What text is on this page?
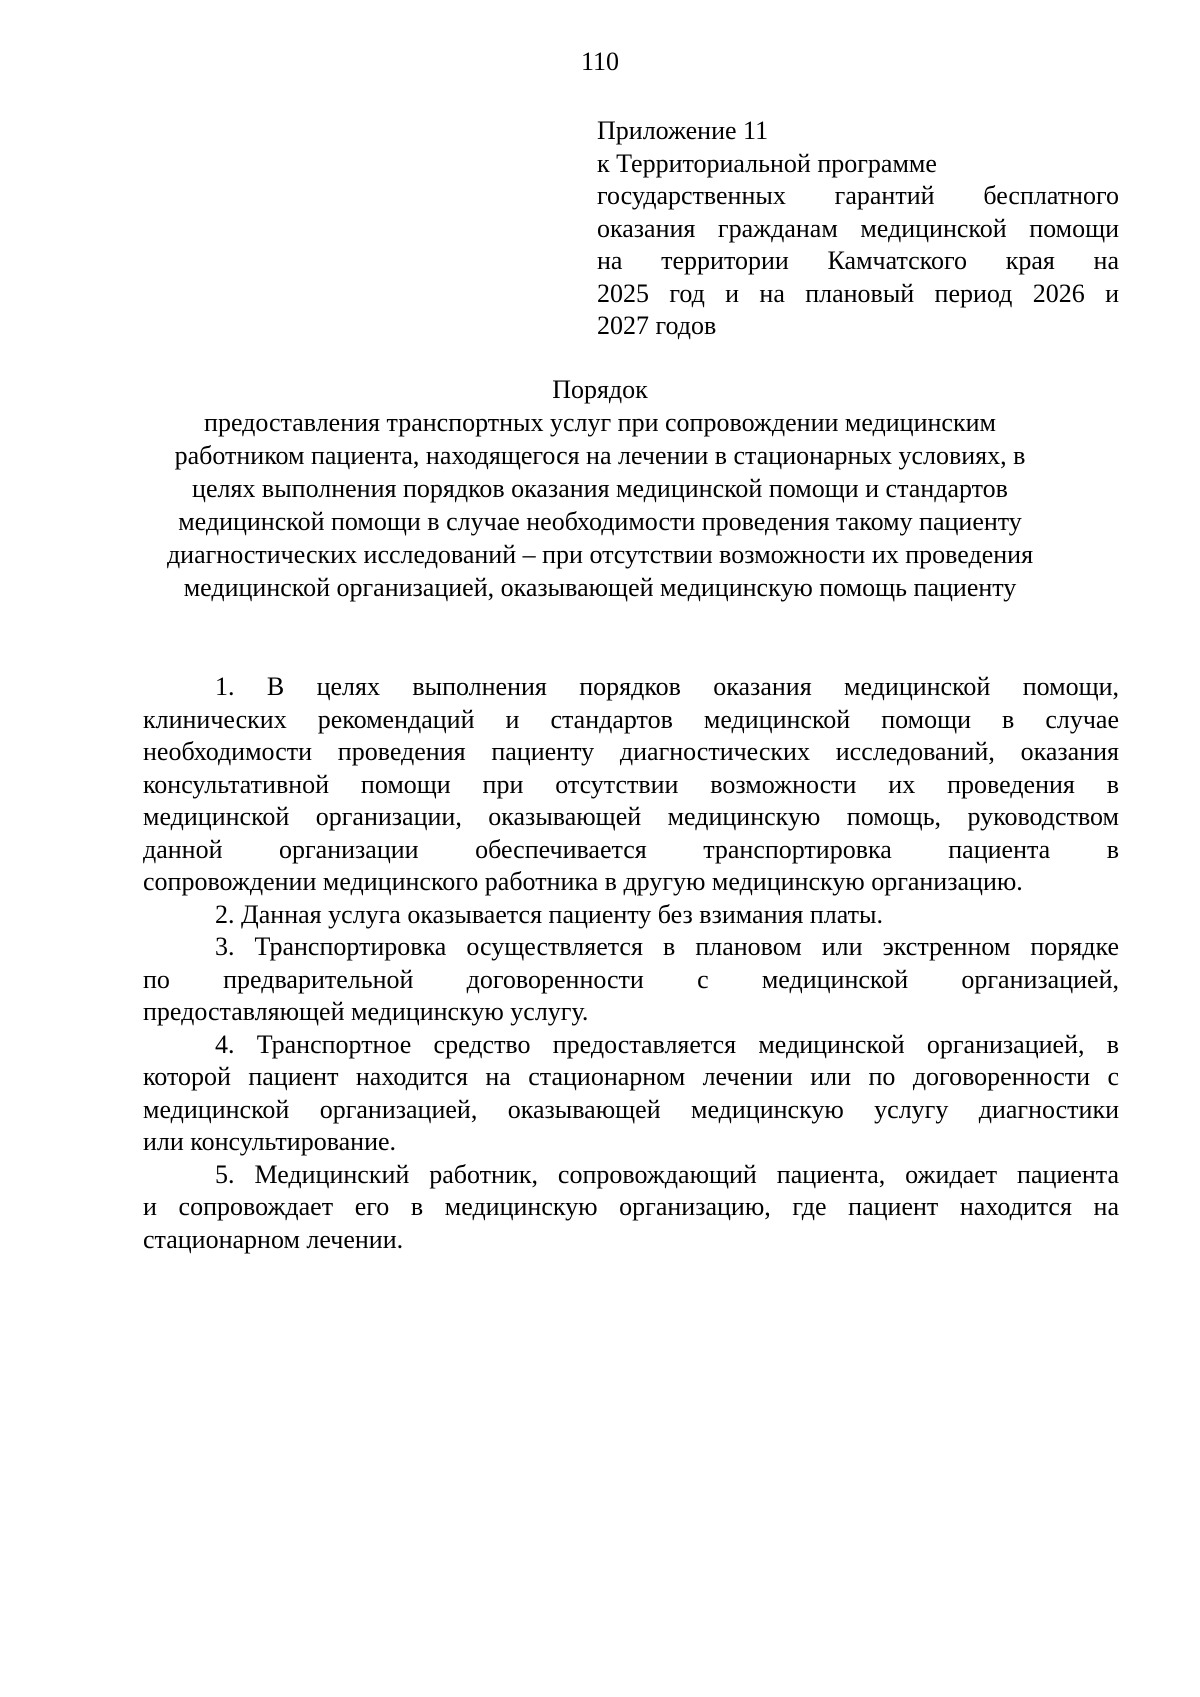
110
Приложение 11
к Территориальной программе
государственных гарантий бесплатного
оказания гражданам медицинской помощи
на территории Камчатского края на
2025 год и на плановый период 2026 и
2027 годов
Порядок
предоставления транспортных услуг при сопровождении медицинским
работником пациента, находящегося на лечении в стационарных условиях, в
целях выполнения порядков оказания медицинской помощи и стандартов
медицинской помощи в случае необходимости проведения такому пациенту
диагностических исследований – при отсутствии возможности их проведения
медицинской организацией, оказывающей медицинскую помощь пациенту
1. В целях выполнения порядков оказания медицинской помощи,
клинических рекомендаций и стандартов медицинской помощи в случае
необходимости проведения пациенту диагностических исследований, оказания
консультативной помощи при отсутствии возможности их проведения в
медицинской организации, оказывающей медицинскую помощь, руководством
данной организации обеспечивается транспортировка пациента в
сопровождении медицинского работника в другую медицинскую организацию.
2. Данная услуга оказывается пациенту без взимания платы.
3. Транспортировка осуществляется в плановом или экстренном порядке
по предварительной договоренности с медицинской организацией,
предоставляющей медицинскую услугу.
4. Транспортное средство предоставляется медицинской организацией, в
которой пациент находится на стационарном лечении или по договоренности с
медицинской организацией, оказывающей медицинскую услугу диагностики
или консультирование.
5. Медицинский работник, сопровождающий пациента, ожидает пациента
и сопровождает его в медицинскую организацию, где пациент находится на
стационарном лечении.
